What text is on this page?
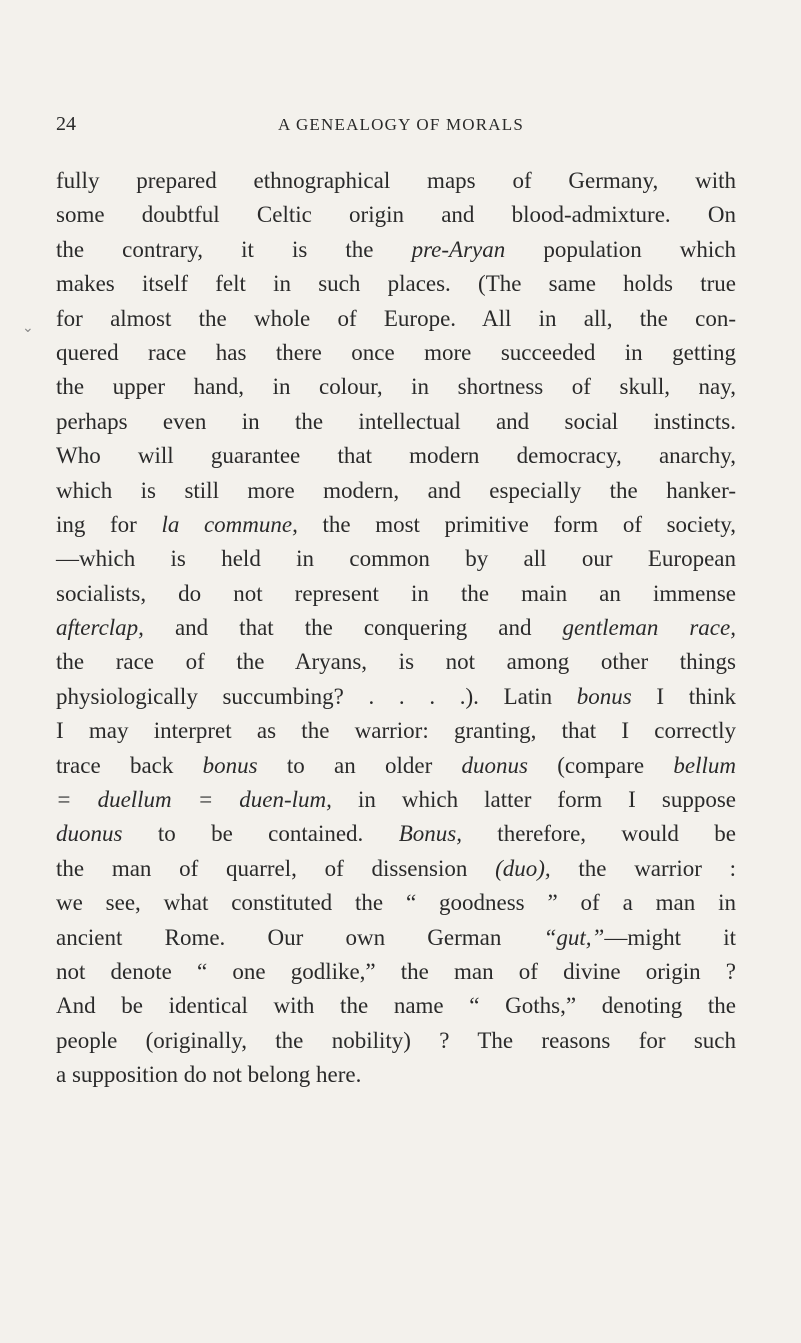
24	A GENEALOGY OF MORALS
⌄
fully prepared ethnographical maps of Germany, with
some doubtful Celtic origin and blood-admixture. On
the contrary, it is the pre-Aryan population which
makes itself felt in such places. (The same holds true
for almost the whole of Europe. All in all, the con-
quered race has there once more succeeded in getting
the upper hand, in colour, in shortness of skull, nay,
perhaps even in the intellectual and social instincts.
Who will guarantee that modern democracy, anarchy,
which is still more modern, and especially the hanker-
ing for la commune, the most primitive form of society,
—which is held in common by all our European
socialists, do not represent in the main an immense
afterclap, and that the conquering and gentleman race,
the race of the Aryans, is not among other things
physiologically succumbing? . . . .). Latin bonus I think
I may interpret as the warrior: granting, that I correctly
trace back bonus to an older duonus (compare bellum
= duellum = duen-lum, in which latter form I suppose
duonus to be contained. Bonus, therefore, would be
the man of quarrel, of dissension (duo), the warrior :
we see, what constituted the “ goodness ” of a man in
ancient Rome. Our own German “gut,”—might it
not denote “ one godlike,” the man of divine origin ?
And be identical with the name “ Goths,” denoting the
people (originally, the nobility) ? The reasons for such
a supposition do not belong here.
